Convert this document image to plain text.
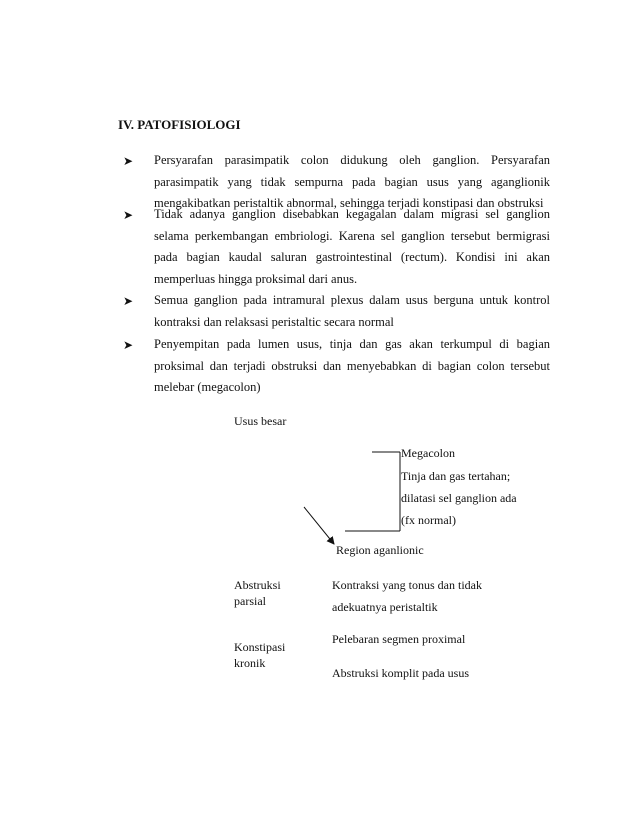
IV. PATOFISIOLOGI
➤ Persyarafan parasimpatik colon didukung oleh ganglion. Persyarafan
parasimpatik yang tidak sempurna pada bagian usus yang aganglionik
mengakibatkan peristaltik abnormal, sehingga terjadi konstipasi dan obstruksi
➤ Tidak adanya ganglion disebabkan kegagalan dalam migrasi sel ganglion
selama perkembangan embriologi. Karena sel ganglion tersebut bermigrasi
pada bagian kaudal saluran gastrointestinal (rectum). Kondisi ini akan
memperluas hingga proksimal dari anus.
➤ Semua ganglion pada intramural plexus dalam usus berguna untuk kontrol
kontraksi dan relaksasi peristaltic secara normal
➤ Penyempitan pada lumen usus, tinja dan gas akan terkumpul di bagian
proksimal dan terjadi obstruksi dan menyebabkan di bagian colon tersebut
melebar (megacolon)
Usus besar
Megacolon
Tinja dan gas tertahan;
dilatasi sel ganglion ada
(fx normal)
Region aganlionic
Abstruksi
parsial
Konstipasi
kronik
Kontraksi yang tonus dan tidak
adekuatnya peristaltik
Pelebaran segmen proximal
Abstruksi komplit pada usus
